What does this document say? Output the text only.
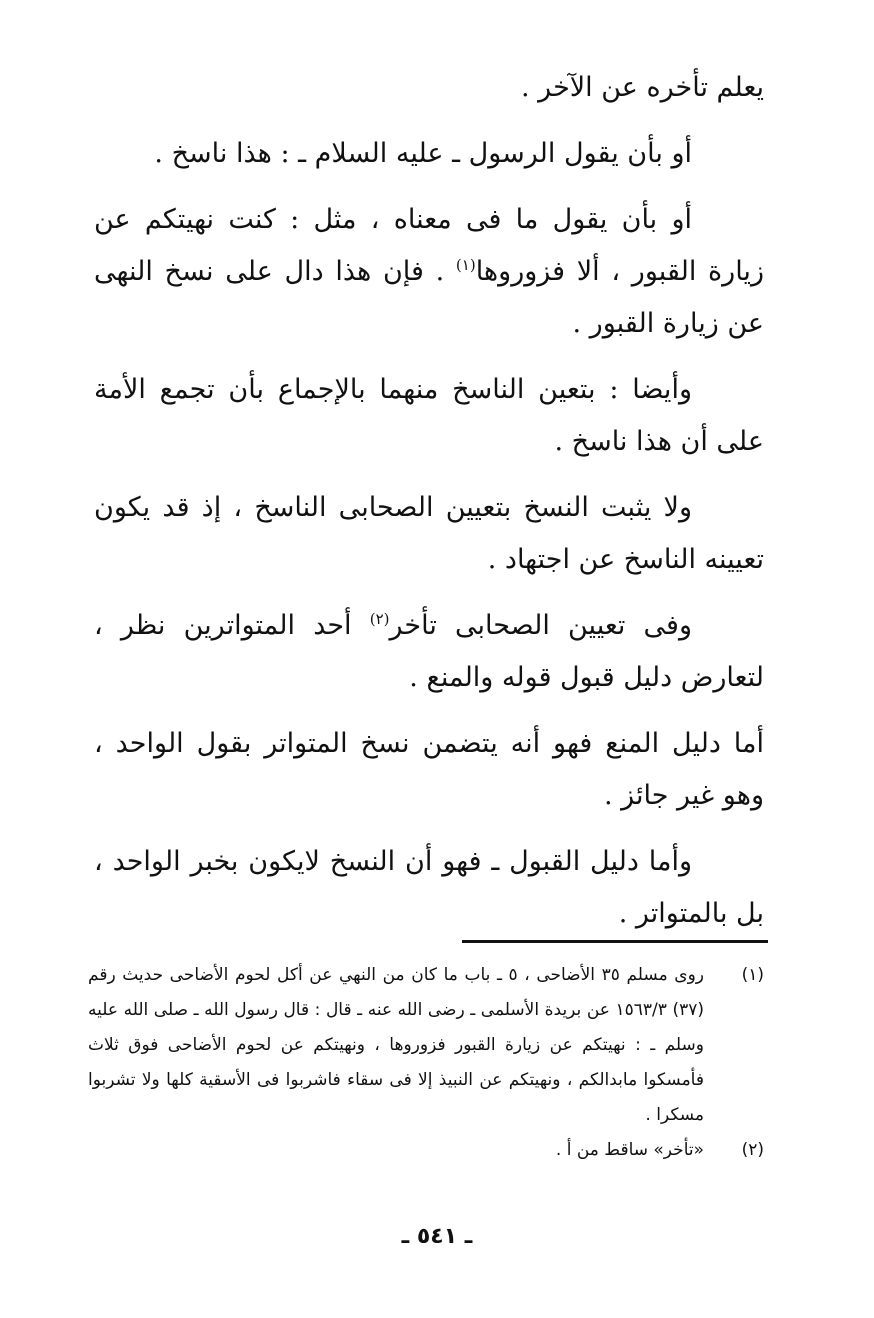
يعلم تأخره عن الآخر .

أو بأن يقول الرسول ـ عليه السلام ـ : هذا ناسخ .

أو بأن يقول ما فى معناه ، مثل : كنت نهيتكم عن زيارة القبور ، ألا فزوروها$^{(١)}$ . فإن هذا دال على نسخ النهى عن زيارة القبور .

وأيضا : بتعين الناسخ منهما بالإجماع بأن تجمع الأمة على أن هذا ناسخ .

ولا يثبت النسخ بتعيين الصحابى الناسخ ، إذ قد يكون تعيينه الناسخ عن اجتهاد .

وفى تعيين الصحابى تأخر$^{(٢)}$ أحد المتواترين نظر ، لتعارض دليل قبول قوله والمنع .

أما دليل المنع فهو أنه يتضمن نسخ المتواتر بقول الواحد ، وهو غير جائز .

وأما دليل القبول ـ فهو أن النسخ لايكون بخبر الواحد ، بل بالمتواتر .

(١)
روى مسلم ٣٥ الأضاحى ، ٥ ـ باب ما كان من النهي عن أكل لحوم الأضاحى حديث رقم (٣٧) ١٥٦٣/٣ عن بريدة الأسلمى ـ رضى الله عنه ـ قال : قال رسول الله ـ صلى الله عليه وسلم ـ : نهيتكم عن زيارة القبور فزوروها ، ونهيتكم عن لحوم الأضاحى فوق ثلاث فأمسكوا مابدالكم ، ونهيتكم عن النبيذ إلا فى سقاء فاشربوا فى الأسقية كلها ولا تشربوا مسكرا .
(٢)
«تأخر» ساقط من أ .
ـ ٥٤١ ـ
